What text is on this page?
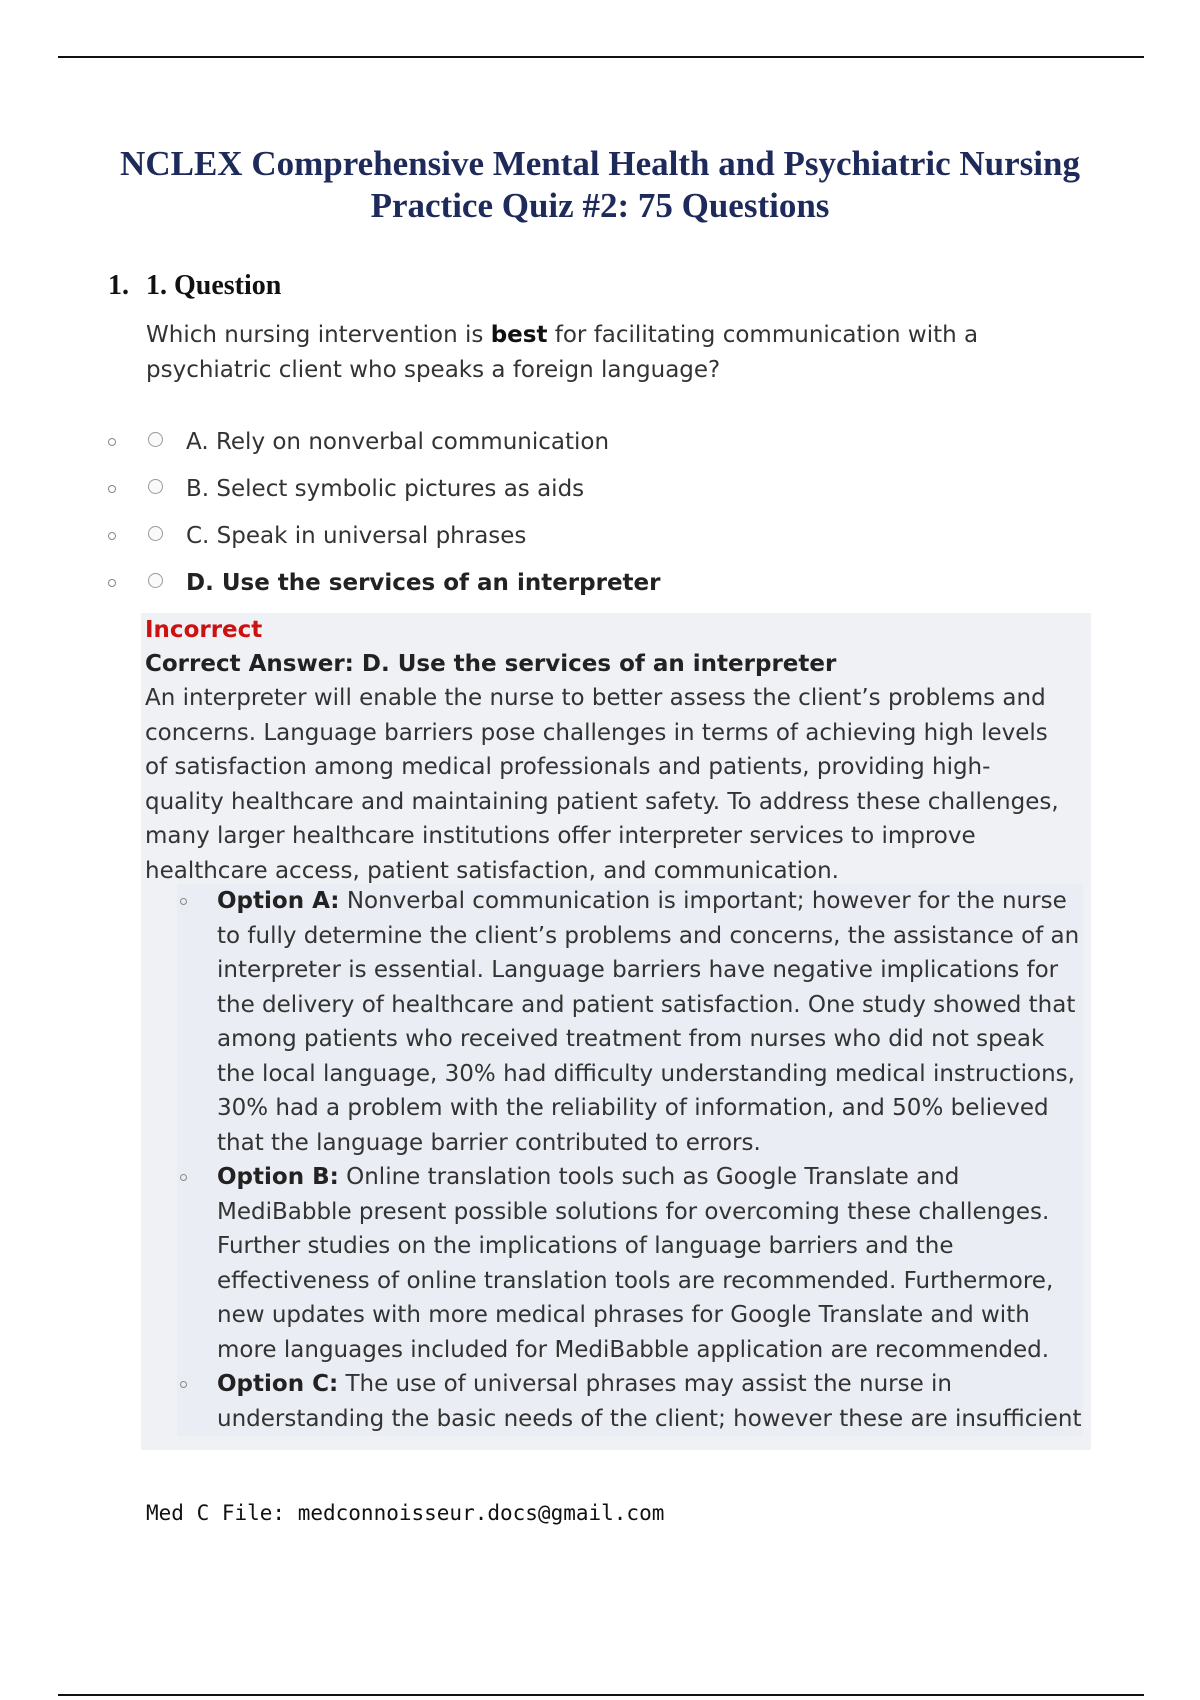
NCLEX Comprehensive Mental Health and Psychiatric Nursing Practice Quiz #2: 75 Questions
1. 1. Question

Which nursing intervention is best for facilitating communication with a psychiatric client who speaks a foreign language?

A. Rely on nonverbal communication
B. Select symbolic pictures as aids
C. Speak in universal phrases
D. Use the services of an interpreter

Incorrect

Correct Answer: D. Use the services of an interpreter

An interpreter will enable the nurse to better assess the client’s problems and concerns. Language barriers pose challenges in terms of achieving high levels of satisfaction among medical professionals and patients, providing high- quality healthcare and maintaining patient safety. To address these challenges, many larger healthcare institutions offer interpreter services to improve healthcare access, patient satisfaction, and communication.

Option A: Nonverbal communication is important; however for the nurse to fully determine the client’s problems and concerns, the assistance of an interpreter is essential. Language barriers have negative implications for the delivery of healthcare and patient satisfaction. One study showed that among patients who received treatment from nurses who did not speak the local language, 30% had difficulty understanding medical instructions, 30% had a problem with the reliability of information, and 50% believed that the language barrier contributed to errors.
Option B: Online translation tools such as Google Translate and MediBabble present possible solutions for overcoming these challenges. Further studies on the implications of language barriers and the effectiveness of online translation tools are recommended. Furthermore, new updates with more medical phrases for Google Translate and with more languages included for MediBabble application are recommended.
Option C: The use of universal phrases may assist the nurse in understanding the basic needs of the client; however these are insufficient

Med C File: medconnoisseur.docs@gmail.com
